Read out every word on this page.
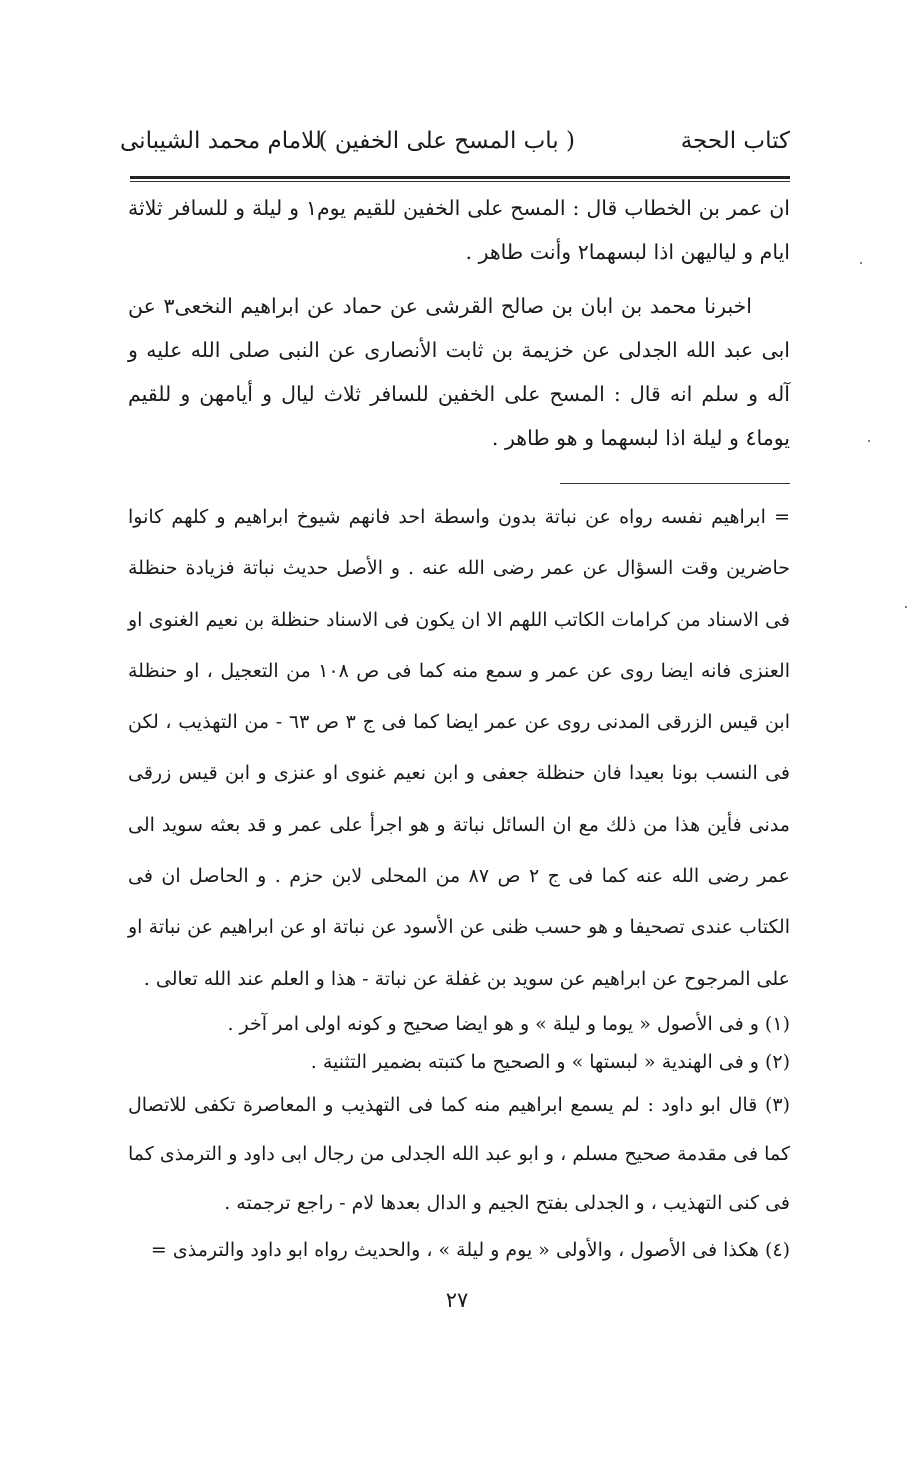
كتاب الحجة
( باب المسح على الخفين )
للامام محمد الشيبانى

ان عمر بن الخطاب قال : المسح على الخفين للقيم يوم١ و ليلة و للسافر ثلاثة ايام و لياليهن اذا لبسهما٢ وأنت طاهر .

اخبرنا محمد بن ابان بن صالح القرشى عن حماد عن ابراهيم النخعى٣ عن ابى عبد الله الجدلى عن خزيمة بن ثابت الأنصارى عن النبى صلى الله عليه و آله و سلم انه قال : المسح على الخفين للسافر ثلاث ليال و أيامهن و للقيم يوما٤ و ليلة اذا لبسهما و هو طاهر .

= ابراهيم نفسه رواه عن نباتة بدون واسطة احد فانهم شيوخ ابراهيم و كلهم كانوا حاضرين وقت السؤال عن عمر رضى الله عنه . و الأصل حديث نباتة فزيادة حنظلة فى الاسناد من كرامات الكاتب اللهم الا ان يكون فى الاسناد حنظلة بن نعيم الغنوى او العنزى فانه ايضا روى عن عمر و سمع منه كما فى ص ١٠٨ من التعجيل ، او حنظلة ابن قيس الزرقى المدنى روى عن عمر ايضا كما فى ج ٣ ص ٦٣ - من التهذيب ، لكن فى النسب بونا بعيدا فان حنظلة جعفى و ابن نعيم غنوى او عنزى و ابن قيس زرقى مدنى فأين هذا من ذلك مع ان السائل نباتة و هو اجرأ على عمر و قد بعثه سويد الى عمر رضى الله عنه كما فى ج ٢ ص ٨٧ من المحلى لابن حزم . و الحاصل ان فى الكتاب عندى تصحيفا و هو حسب ظنى عن الأسود عن نباتة او عن ابراهيم عن نباتة او على المرجوح عن ابراهيم عن سويد بن غفلة عن نباتة - هذا و العلم عند الله تعالى .

(١) و فى الأصول « يوما و ليلة » و هو ايضا صحيح و كونه اولى امر آخر .

(٢) و فى الهندية « لبستها » و الصحيح ما كتبته بضمير التثنية .

(٣) قال ابو داود : لم يسمع ابراهيم منه كما فى التهذيب و المعاصرة تكفى للاتصال كما فى مقدمة صحيح مسلم ، و ابو عبد الله الجدلى من رجال ابى داود و الترمذى كما فى كنى التهذيب ، و الجدلى بفتح الجيم و الدال بعدها لام - راجع ترجمته .

(٤) هكذا فى الأصول ، والأولى « يوم و ليلة » ، والحديث رواه ابو داود والترمذى =

٢٧
